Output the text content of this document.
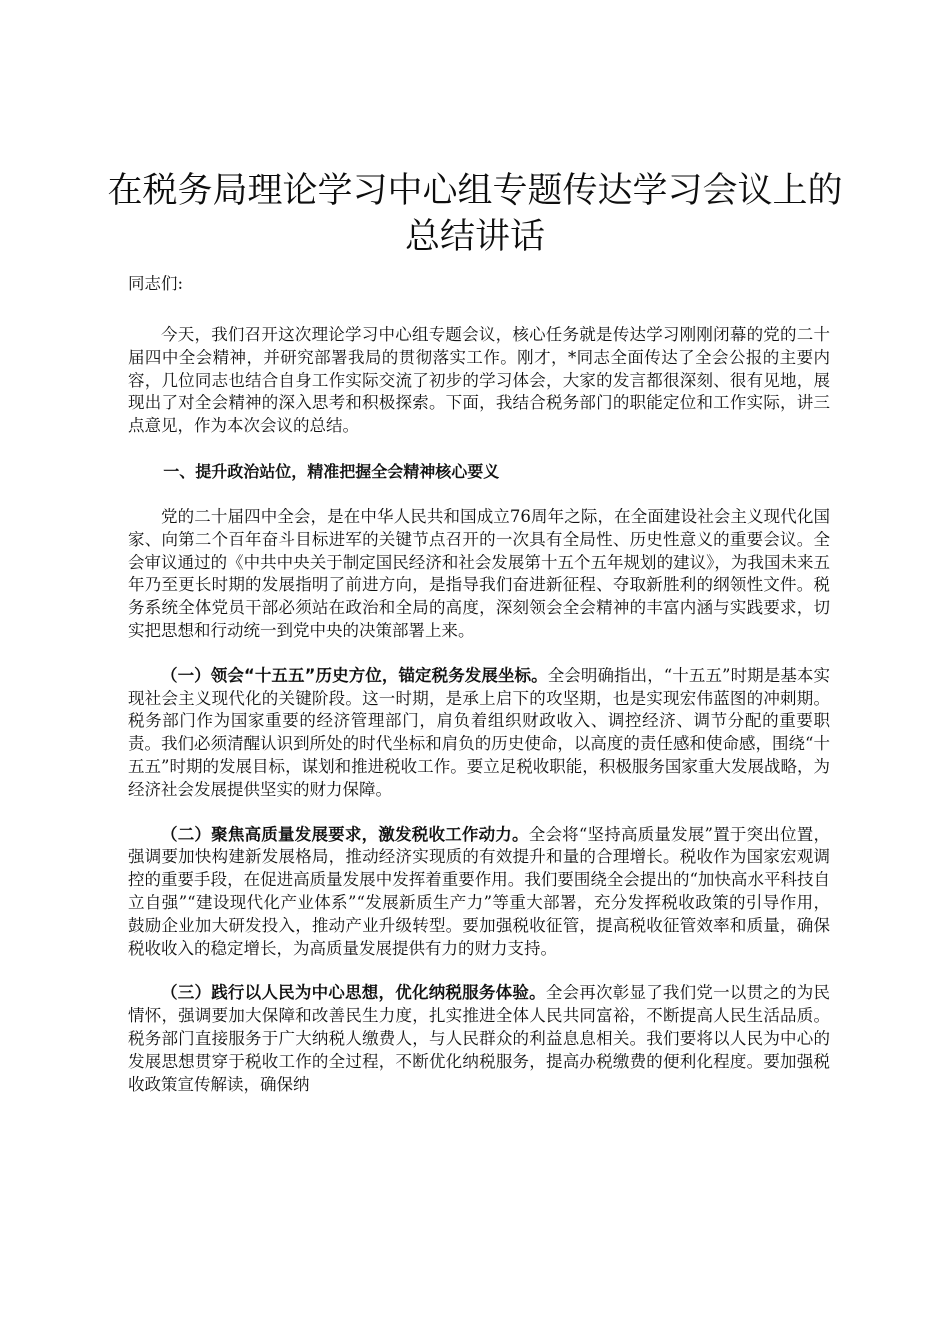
在税务局理论学习中心组专题传达学习会议上的总结讲话

同志们:

今天，我们召开这次理论学习中心组专题会议，核心任务就是传达学习刚刚闭幕的党的二十届四中全会精神，并研究部署我局的贯彻落实工作。刚才，*同志全面传达了全会公报的主要内容，几位同志也结合自身工作实际交流了初步的学习体会，大家的发言都很深刻、很有见地，展现出了对全会精神的深入思考和积极探索。下面，我结合税务部门的职能定位和工作实际，讲三点意见，作为本次会议的总结。

一、提升政治站位，精准把握全会精神核心要义

党的二十届四中全会，是在中华人民共和国成立76周年之际，在全面建设社会主义现代化国家、向第二个百年奋斗目标进军的关键节点召开的一次具有全局性、历史性意义的重要会议。全会审议通过的《中共中央关于制定国民经济和社会发展第十五个五年规划的建议》，为我国未来五年乃至更长时期的发展指明了前进方向，是指导我们奋进新征程、夺取新胜利的纲领性文件。税务系统全体党员干部必须站在政治和全局的高度，深刻领会全会精神的丰富内涵与实践要求，切实把思想和行动统一到党中央的决策部署上来。

（一）领会“十五五”历史方位，锚定税务发展坐标。全会明确指出，“十五五”时期是基本实现社会主义现代化的关键阶段。这一时期，是承上启下的攻坚期，也是实现宏伟蓝图的冲刺期。税务部门作为国家重要的经济管理部门，肩负着组织财政收入、调控经济、调节分配的重要职责。我们必须清醒认识到所处的时代坐标和肩负的历史使命，以高度的责任感和使命感，围绕“十五五”时期的发展目标，谋划和推进税收工作。要立足税收职能，积极服务国家重大发展战略，为经济社会发展提供坚实的财力保障。

（二）聚焦高质量发展要求，激发税收工作动力。全会将“坚持高质量发展”置于突出位置，强调要加快构建新发展格局，推动经济实现质的有效提升和量的合理增长。税收作为国家宏观调控的重要手段，在促进高质量发展中发挥着重要作用。我们要围绕全会提出的“加快高水平科技自立自强”“建设现代化产业体系”“发展新质生产力”等重大部署，充分发挥税收政策的引导作用，鼓励企业加大研发投入，推动产业升级转型。要加强税收征管，提高税收征管效率和质量，确保税收收入的稳定增长，为高质量发展提供有力的财力支持。

（三）践行以人民为中心思想，优化纳税服务体验。全会再次彰显了我们党一以贯之的为民情怀，强调要加大保障和改善民生力度，扎实推进全体人民共同富裕，不断提高人民生活品质。税务部门直接服务于广大纳税人缴费人，与人民群众的利益息息相关。我们要将以人民为中心的发展思想贯穿于税收工作的全过程，不断优化纳税服务，提高办税缴费的便利化程度。要加强税收政策宣传解读，确保纳
